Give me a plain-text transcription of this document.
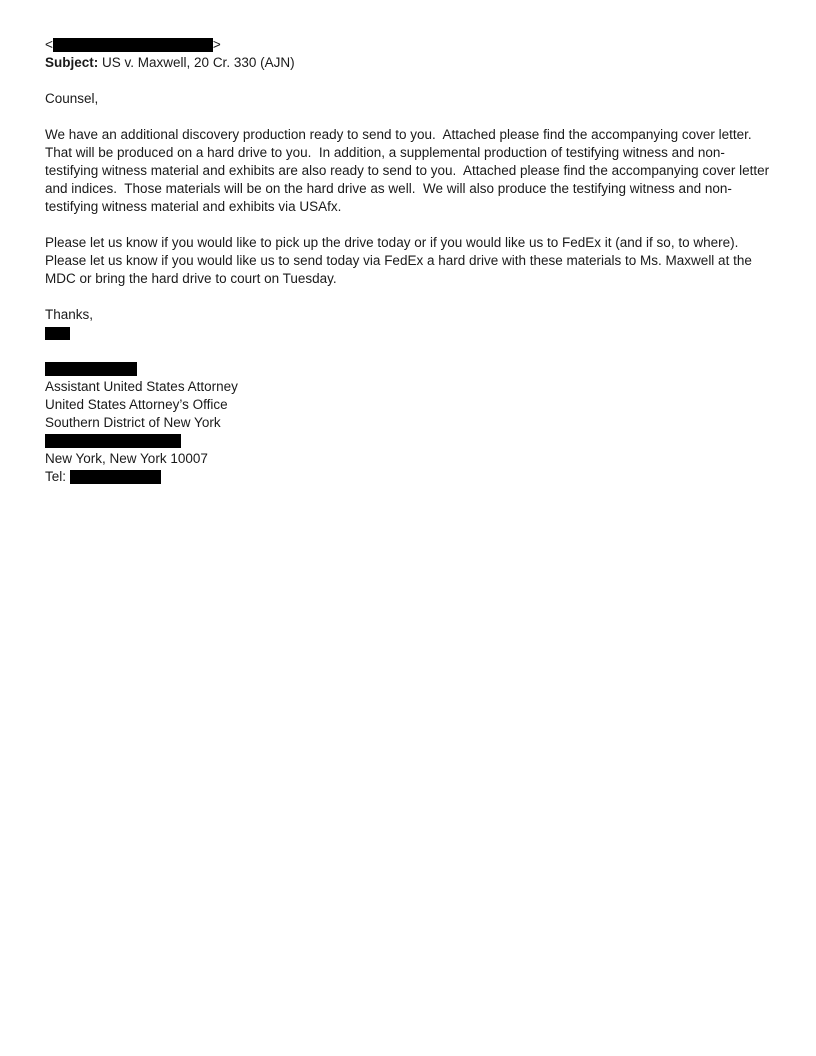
<	>
Subject: US v. Maxwell, 20 Cr. 330 (AJN)
Counsel,
We have an additional discovery production ready to send to you.  Attached please find the accompanying cover letter.  That will be produced on a hard drive to you.  In addition, a supplemental production of testifying witness and non-testifying witness material and exhibits are also ready to send to you.  Attached please find the accompanying cover letter and indices.  Those materials will be on the hard drive as well.  We will also produce the testifying witness and non-testifying witness material and exhibits via USAfx.
Please let us know if you would like to pick up the drive today or if you would like us to FedEx it (and if so, to where).  Please let us know if you would like us to send today via FedEx a hard drive with these materials to Ms. Maxwell at the MDC or bring the hard drive to court on Tuesday.
Thanks,
Assistant United States Attorney
United States Attorney’s Office
Southern District of New York
New York, New York 10007
Tel:
